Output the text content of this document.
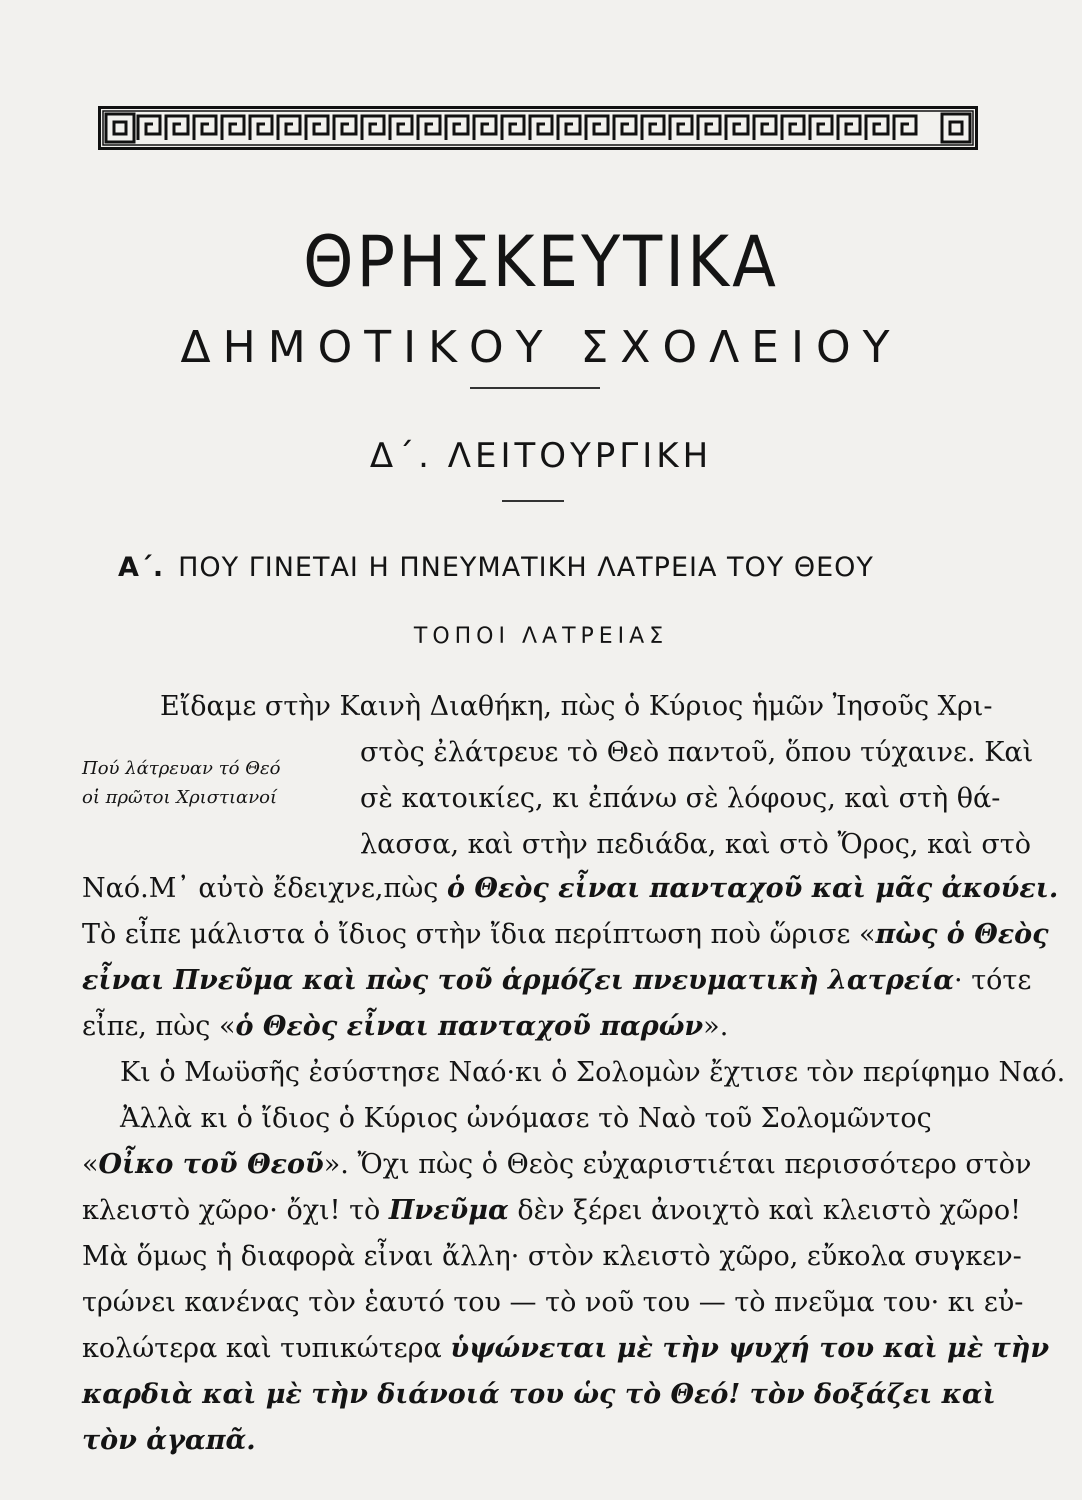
ΘΡΗΣΚΕΥΤΙΚΑ
ΔΗΜΟΤΙΚΟΥ ΣΧΟΛΕΙΟΥ
Δ΄. ΛΕΙΤΟΥΡΓΙΚΗ
Α΄. ΠΟΥ ΓΙΝΕΤΑΙ Η ΠΝΕΥΜΑΤΙΚΗ ΛΑΤΡΕΙΑ ΤΟΥ ΘΕΟΥ
ΤΟΠΟΙ ΛΑΤΡΕΙΑΣ
Πού λάτρευαν τό Θεό
οἱ πρῶτοι Χριστιανοί
Εἴδαμε στὴν Καινὴ Διαθήκη, πὼς ὁ Κύριος ἡμῶν Ἰησοῦς Χρι-
στὸς ἐλάτρευε τὸ Θεὸ παντοῦ, ὅπου τύχαινε. Καὶ
σὲ κατοικίες, κι ἐπάνω σὲ λόφους, καὶ στὴ θά-
λασσα, καὶ στὴν πεδιάδα, καὶ στὸ Ὄρος, καὶ στὸ
Ναό.Μ᾽ αὐτὸ ἔδειχνε,πὼς ὁ Θεὸς εἶναι πανταχοῦ καὶ μᾶς ἀκούει.
Τὸ εἶπε μάλιστα ὁ ἴδιος στὴν ἴδια περίπτωση ποὺ ὥρισε «πὼς ὁ Θεὸς
εἶναι Πνεῦμα καὶ πὼς τοῦ ἁρμόζει πνευματικὴ λατρεία· τότε
εἶπε, πὼς «ὁ Θεὸς εἶναι πανταχοῦ παρών».
Κι ὁ Μωϋσῆς ἐσύστησε Ναό·κι ὁ Σολομὼν ἔχτισε τὸν περίφημο Ναό.
Ἀλλὰ κι ὁ ἴδιος ὁ Κύριος ὠνόμασε τὸ Ναὸ τοῦ Σολομῶντος
«Οἶκο τοῦ Θεοῦ». Ὄχι πὼς ὁ Θεὸς εὐχαριστιέται περισσότερο στὸν
κλειστὸ χῶρο· ὄχι! τὸ Πνεῦμα δὲν ξέρει ἀνοιχτὸ καὶ κλειστὸ χῶρο!
Μὰ ὅμως ἡ διαφορὰ εἶναι ἄλλη· στὸν κλειστὸ χῶρο, εὔκολα συγκεν-
τρώνει κανένας τὸν ἑαυτό του — τὸ νοῦ του — τὸ πνεῦμα του· κι εὐ-
κολώτερα καὶ τυπικώτερα ὑψώνεται μὲ τὴν ψυχή του καὶ μὲ τὴν
καρδιὰ καὶ μὲ τὴν διάνοιά του ὡς τὸ Θεό! τὸν δοξάζει καὶ
τὸν ἀγαπᾶ.
